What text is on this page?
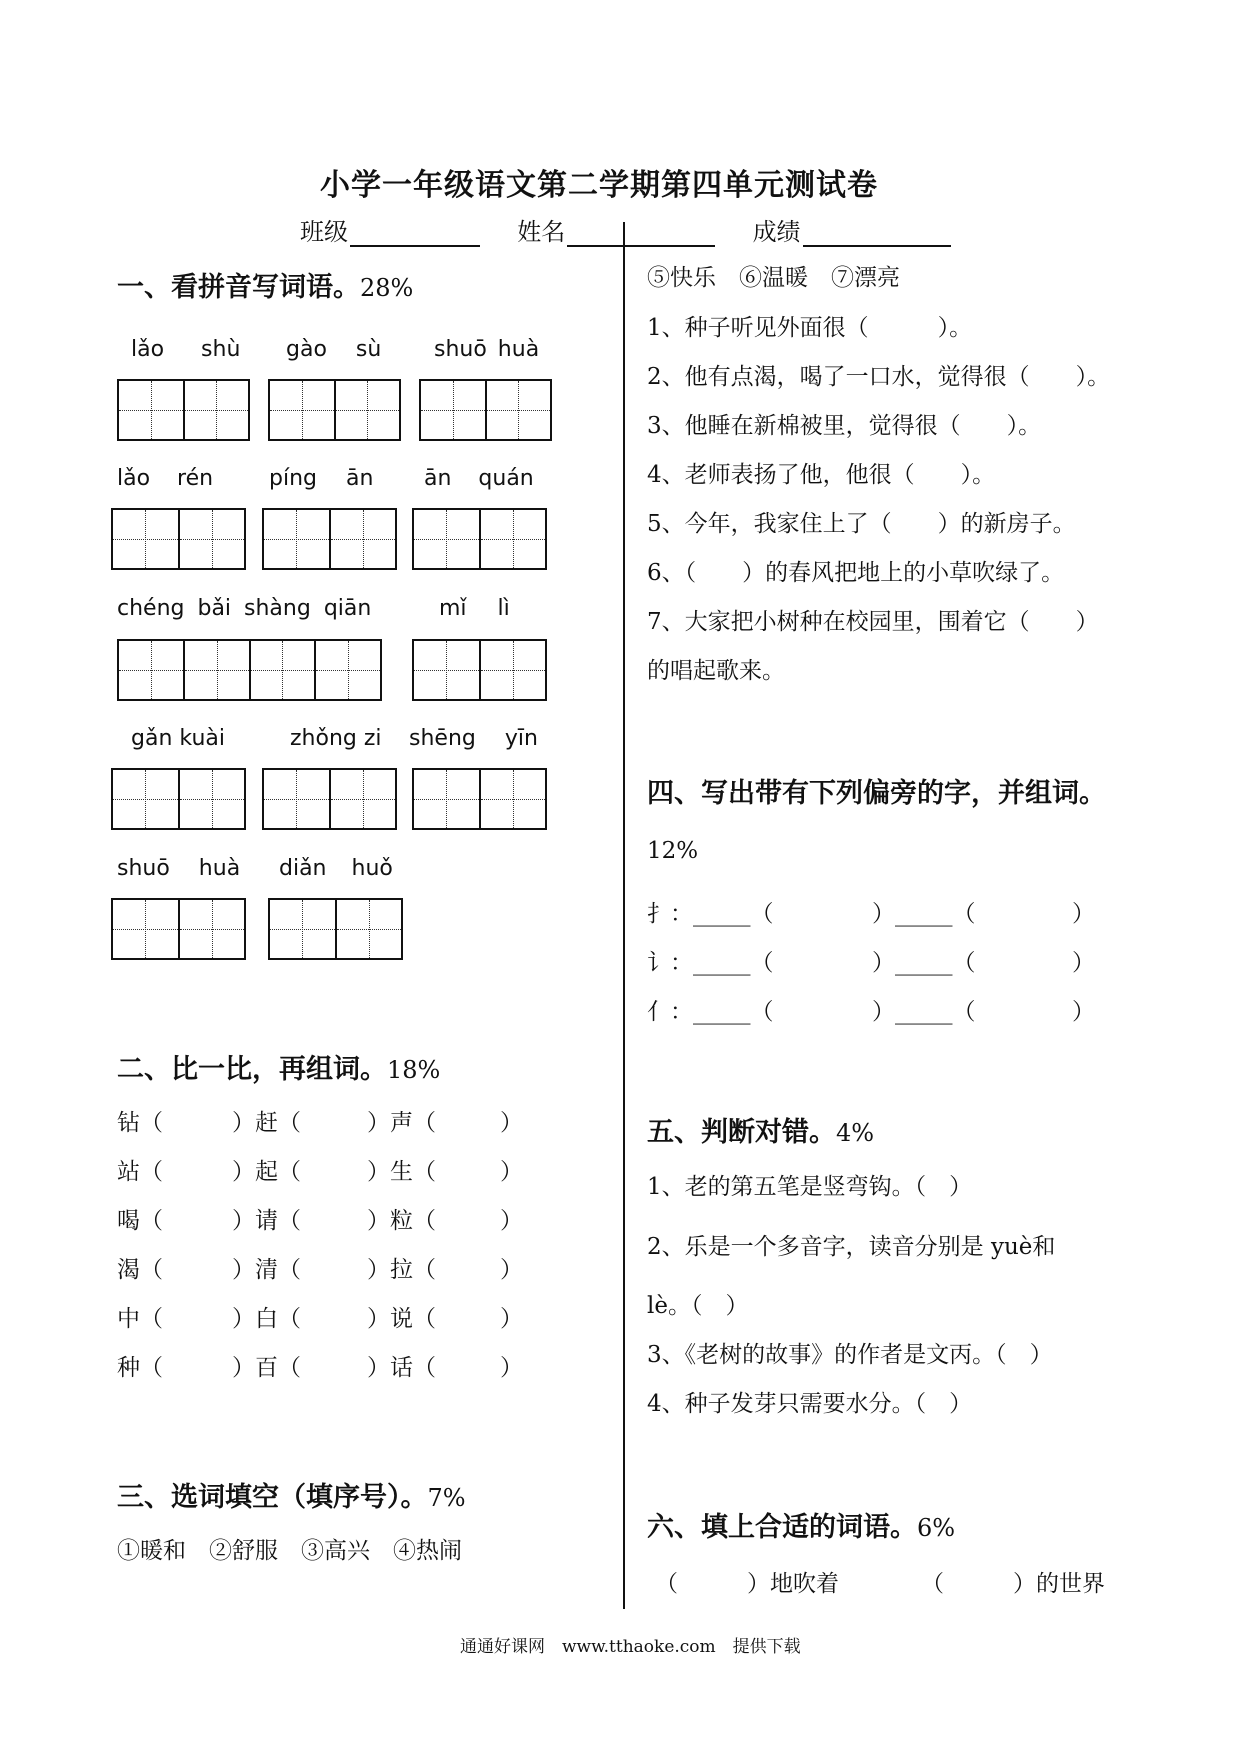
小学一年级语文第二学期第四单元测试卷
班级	姓名	成绩
一、看拼音写词语。28%
lǎo shù gào sù shuō huà
lǎo rén	píng ān ān quán
chéng bǎi shàng qiān	mǐ lì
gǎn kuài	zhǒng zi shēng yīn
shuō huà diǎn huǒ
二、比一比，再组词。18%
钻（	）赶（	）声（	）
站（	）起（	）生（	）
喝（	）请（	）粒（	）
渴（	）清（	）拉（	）
中（	）白（	）说（	）
种（	）百（	）话（	）
三、选词填空（填序号）。7%
①暖和　②舒服　③高兴　④热闹
⑤快乐　⑥温暖　⑦漂亮
1、种子听见外面很（　　　）。
2、他有点渴，喝了一口水，觉得很（　　）。
3、他睡在新棉被里，觉得很（　　）。
4、老师表扬了他，他很（　　）。
5、今年，我家住上了（　　）的新房子。
6、（　　）的春风把地上的小草吹绿了。
7、大家把小树种在校园里，围着它（　　）
的唱起歌来。
四、写出带有下列偏旁的字，并组词。
12%
扌：_____（	）_____（	）
讠：_____（	）_____（	）
亻：_____（	）_____（	）
五、判断对错。4%
1、老的第五笔是竖弯钩。（　）
2、乐是一个多音字，读音分别是 yuè和
lè。（　）
3、《老树的故事》的作者是文丙。（　）
4、种子发芽只需要水分。（　）
六、填上合适的词语。6%
（　　　）地吹着	（　　　）的世界
通通好课网　www.tthaoke.com　提供下载
